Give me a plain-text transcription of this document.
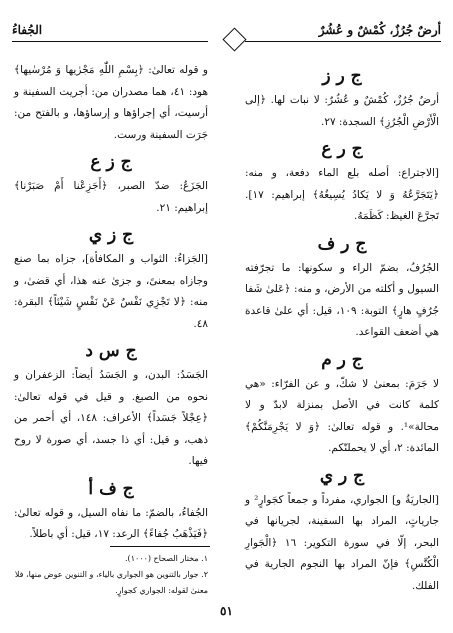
الجُفاءُ	أرضٌ جُرُزٌ، كُمْشٌ و عُشُرٌ
ج ر ز

أرضٌ جُرُزٌ، كُمْشٌ و عُشُرٌ: لا نبات لها. ﴿إلى الْأَرْضِ الْجُرُزِ﴾ السجدة: ٢٧.

ج ر ع

[الاجتراع: أصله بلع الماء دفعة، و منه: ﴿يَتَجَرَّعُهُ وَ لا يَكادُ يُسِيغُهُ﴾ إبراهيم: ١٧]. تَجرَّعَ الغيظ: كَظَمَهُ.

ج ر ف

الجُرُفُ، بضمّ الراء و سكونها: ما تجرّفته السيول و أكلته من الأرض، و منه: ﴿عَلىٰ شَفا جُرُفٍ هارٍ﴾ التوبة: ١٠٩، قيل: أي علىٰ قاعدة هي أضعف القواعد.

ج ر م

لا جَرَمَ: بمعنىٰ لا شكّ، و عن الفرّاء: «هي كلمة كانت في الأصل بمنزلة لابدّ و لا محالة»¹. و قوله تعالىٰ: ﴿وَ لا يَجْرِمَنَّكُمْ﴾ المائدة: ٢، أي لا يحملنّكم.

ج ر ي

[الجاريَةُ و] الجواري، مفرداً و جمعاً كجَوارٍ² و جارياتٍ، المراد بها السفينة، لجريانها في البحر، إلّا في سورة التكوير: ١٦ ﴿الْجَوارِ الْكُنَّسِ﴾ فإنّ المراد بها النجوم الجارية في الفلك.

و قوله تعالىٰ: ﴿بِسْمِ اللّٰهِ مَجْرٰيها وَ مُرْسٰيها﴾ هود: ٤١، هما مصدران من: أجريت السفينة و أرسيت، أي إجراؤها و إرساؤها، و بالفتح من: جَرَت السفينة ورست.

ج ز ع

الجَزَعُ: ضدّ الصبر، ﴿أَجَزِعْنا أَمْ صَبَرْنا﴾ إبراهيم: ٢١.

ج ز ي

[الجَزاءُ: الثواب و المكافأة]، جزاه بما صنع وجازاه بمعنىً، و جزىٰ عنه هذا، أي قضىٰ، و منه: ﴿لا تَجْزِي نَفْسٌ عَنْ نَفْسٍ شَيْئاً﴾ البقرة: ٤٨.

ج س د

الجَسَدُ: البدن، و الجَسَدُ أيضاً: الزعفران و نحوه من الصبغ. و قيل في قوله تعالىٰ: ﴿عِجْلاً جَسَداً﴾ الأعراف: ١٤٨، أي أحمر من ذهب، و قيل: أي ذا جسد، أي صورة لا روح فيها.

ج ف أ

الجُفاءُ، بالضمّ: ما نفاه السيل، و قوله تعالىٰ: ﴿فَيَذْهَبُ جُفاءً﴾ الرعد: ١٧، قيل: أي باطلاً.

١. مختار الصحاح (١٠٠٠).

٢. جوار بالتنوين هو الجواري بالياء، و التنوين عوض منها، فلا معنىٰ لقوله: الجواري كجوارٍ.

٥١
